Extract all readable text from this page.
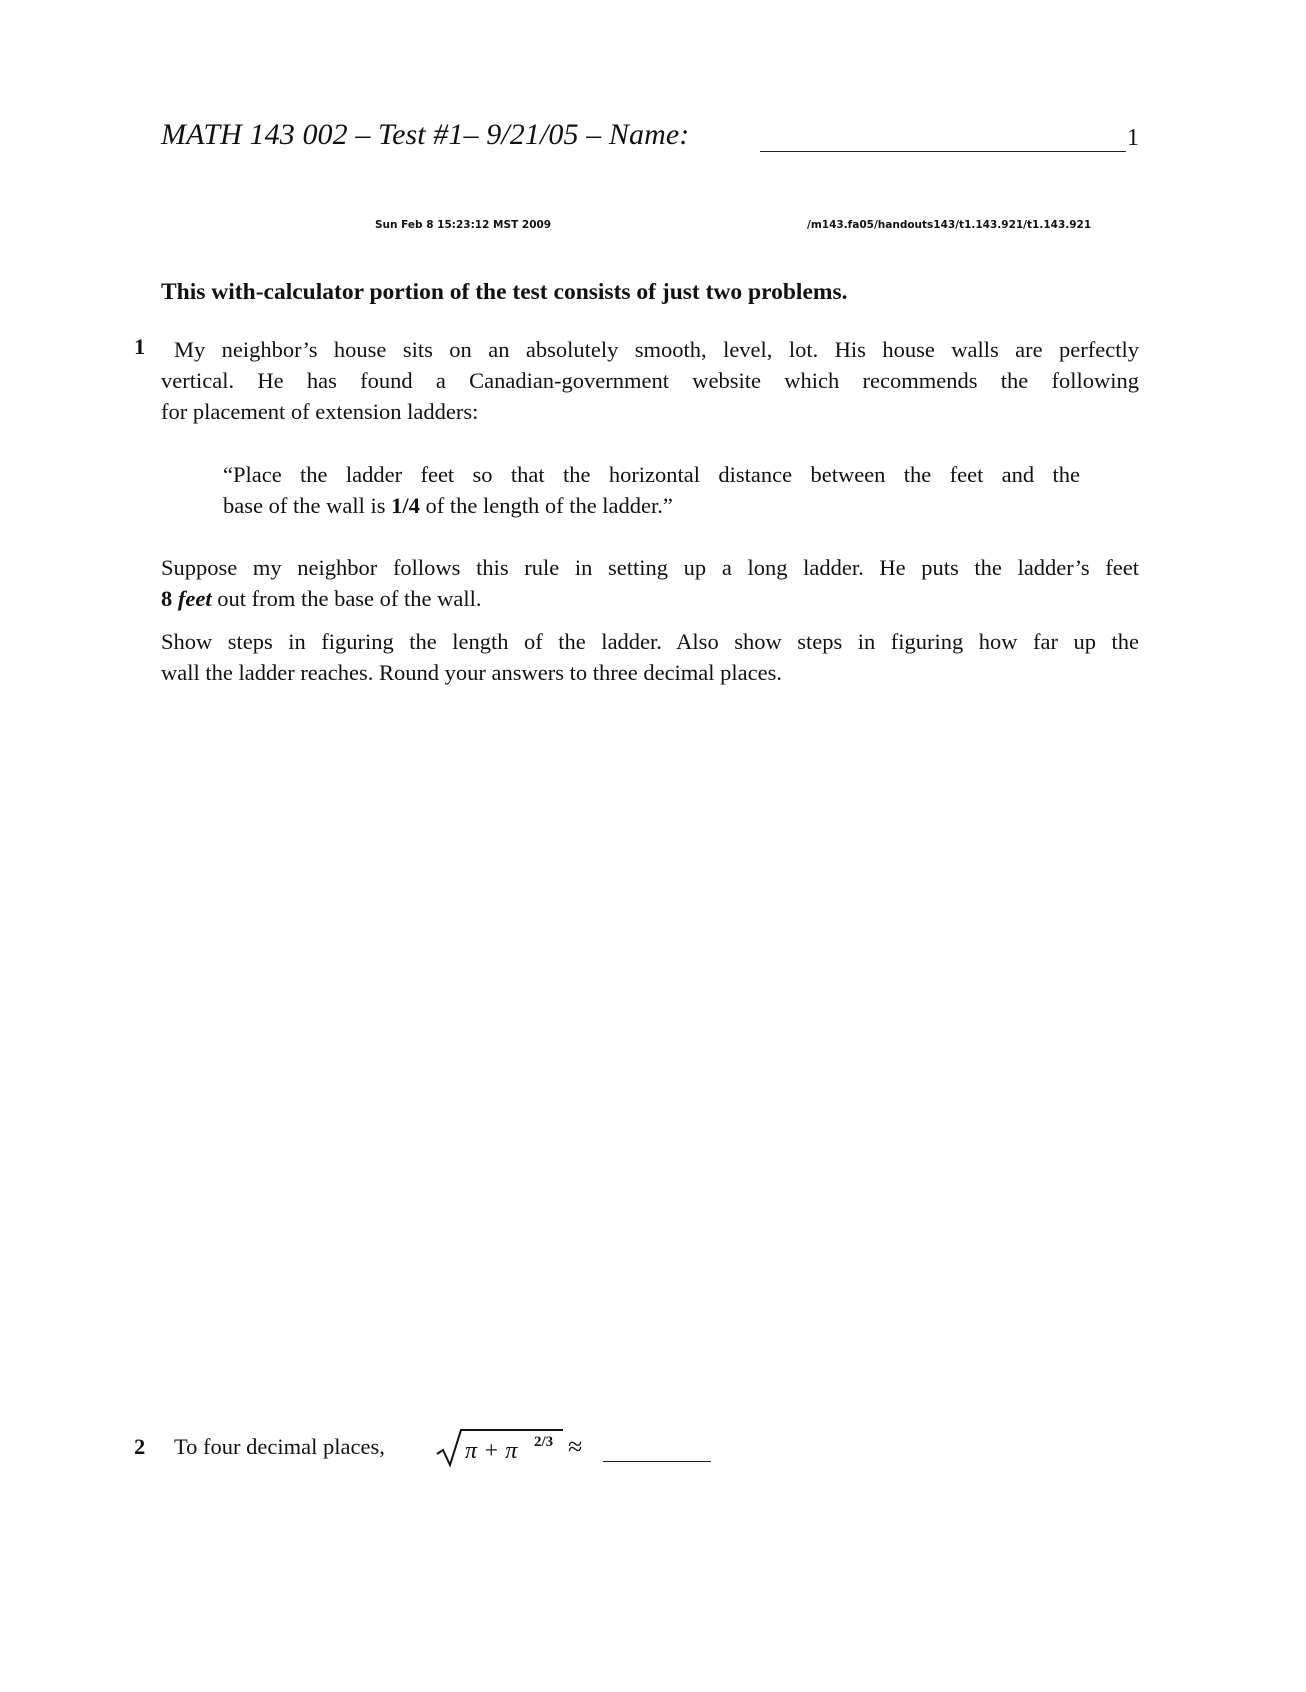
MATH 143 002 – Test #1– 9/21/05 – Name:	1
Sun Feb 8 15:23:12 MST 2009	/m143.fa05/handouts143/t1.143.921/t1.143.921
This with-calculator portion of the test consists of just two problems.
1	My neighbor’s house sits on an absolutely smooth, level, lot. His house walls are perfectly
vertical. He has found a Canadian-government website which recommends the following
for placement of extension ladders:
“Place the ladder feet so that the horizontal distance between the feet and the
base of the wall is 1/4 of the length of the ladder.”
Suppose my neighbor follows this rule in setting up a long ladder. He puts the ladder’s feet
8 feet out from the base of the wall.
Show steps in figuring the length of the ladder. Also show steps in figuring how far up the
wall the ladder reaches. Round your answers to three decimal places.
2 To four decimal places,	π + π 2/3 ≈
